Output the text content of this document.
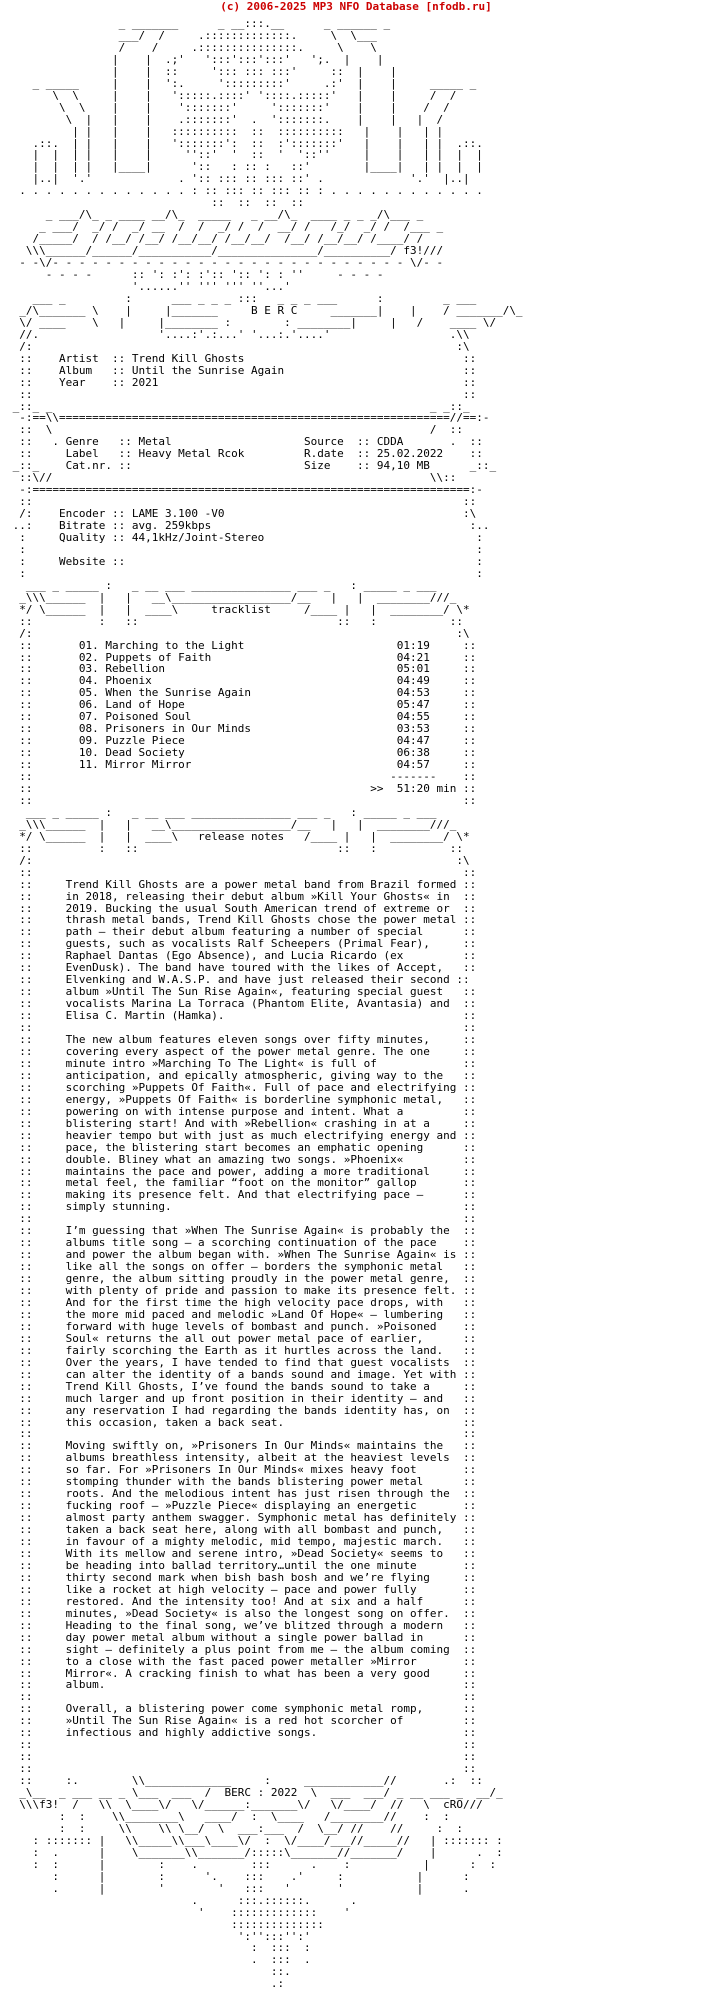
(c) 2006-2025 MP3 NFO Database [nfodb.ru]
_ _______      _ __:::.__      _ ______ _
___/  /     .:::::::::::::.     \  \___
/    /     .:::::::::::::::.     \    \
|    |  .;'   ':::':::':::'   ';.  |    |
|    |  ::     '::: ::: :::'     ::  |    |
_ _____     |    |  ':.     ':::::::::'     .:'  |    |     _____ _
\  \     |    |   ':::::.::::' '::::.:::::'   |    |     /  /
\  \    |    |    ':::::::'     ':::::::'    |    |    /  /
\  |   |    |    .:::::::'  .  ':::::::.    |    |   |  /
| |   |    |   ::::::::::  ::  ::::::::::   |    |   | |
.::.  | |   |    |   ':::::::':  ::  :':::::::'   |    |   | |  .::.
|  |  | |   |    |     ''::'  '  ::  '  '::''     |    |   | |  |  |
|  |  | |   |____|      '::   : :: :   ::'        |____|   | |  |  |
|..|  '.'             . ':: ::: :: ::: ::' .             '.'  |..|
. . . . . . . . . . . . . : :: ::: :: ::: :: : . . . . . . . . . . . .
::  ::  ::  ::
_ ___/\_ _ ____ __/\_  _____   _ __/\_  ____ _ _ _/\___ _
_ ___/  _/ /  _/ __  /  /  _/ /  /  __/ /   /_/  _/ /  /___ _
/_____/  / /__/ /__/ /__/__/ /__/__/  /__/ /__/__/ /____/ /
\\\______/______/___________/_______________/__________/ f3!///
- -\/- - - - - - - - - - - - - - - - - - - - - - - - - - - \/- -
- - - -      :: ': :': :':: ':: ': : ''     - - - -
'......'' ''' ''' ''...'
___ _         :      ___ _ _ _ :::   _ _ _ ___      :         _ ___
_/\_______ \    |     |_______     B E R C     _______|    |    / _______/\_
\/ ____    \   |     |________ :        : ________|     |   /    ____ \/
//.                  '....:'.:...' '...:.'....'                  .\\
/:                                                                :\
::    Artist  :: Trend Kill Ghosts                                 ::
::    Album   :: Until the Sunrise Again                           ::
::    Year    :: 2021                                              ::
::                                                                 ::
_::_ _                                                         _ _::_
-:==\\===========================================================//==:-
::  \                                                         /  ::
::   . Genre   :: Metal                    Source  :: CDDA       .  ::
::     Label   :: Heavy Metal Rcok         R.date  :: 25.02.2022    ::
_::_    Cat.nr. ::                          Size    :: 94,10 MB      _::_
::\//                                                         \\::
-:==================================================================:-
::                                                                 ::
/:    Encoder :: LAME 3.100 -V0                                    :\
..:    Bitrate :: avg. 259kbps                                       :..
:     Quality :: 44,1kHz/Joint-Stereo                                :
:                                                                    :
:     Website ::                                                     :
:                                                                    :
___ _ _____ :   _ __ ___ _______________ ___ _   : _____ _ ___
_\\\______  |   |   __\__________________/__   |   |  ________///_
*/ \______  |   |  ____\     tracklist     /____ |   |  ________/ \*
::          :   ::                              ::   :           ::
/:                                                                :\
::       01. Marching to the Light                       01:19     ::
::       02. Puppets of Faith                            04:21     ::
::       03. Rebellion                                   05:01     ::
::       04. Phoenix                                     04:49     ::
::       05. When the Sunrise Again                      04:53     ::
::       06. Land of Hope                                05:47     ::
::       07. Poisoned Soul                               04:55     ::
::       08. Prisoners in Our Minds                      03:53     ::
::       09. Puzzle Piece                                04:47     ::
::       10. Dead Society                                06:38     ::
::       11. Mirror Mirror                               04:57     ::
::                                                      -------    ::
::                                                   >>  51:20 min ::
::                                                                 ::
___ _ _____ :   _ __ ___ _______________ ___ _   : _____ _ ___
_\\\______  |   |   __\__________________/__   |   |  ________///_
*/ \______  |   |  ____\   release notes   /____ |   |  ________/ \*
::          :   ::                              ::   :           ::
/:                                                                :\
::                                                                 ::
::     Trend Kill Ghosts are a power metal band from Brazil formed ::
::     in 2018, releasing their debut album »Kill Your Ghosts« in  ::
::     2019. Bucking the usual South American trend of extreme or  ::
::     thrash metal bands, Trend Kill Ghosts chose the power metal ::
::     path – their debut album featuring a number of special      ::
::     guests, such as vocalists Ralf Scheepers (Primal Fear),     ::
::     Raphael Dantas (Ego Absence), and Lucia Ricardo (ex         ::
::     EvenDusk). The band have toured with the likes of Accept,   ::
::     Elvenking and W.A.S.P. and have just released their second ::
::     album »Until The Sun Rise Again«, featuring special guest   ::
::     vocalists Marina La Torraca (Phantom Elite, Avantasia) and  ::
::     Elisa C. Martin (Hamka).                                    ::
::                                                                 ::
::     The new album features eleven songs over fifty minutes,     ::
::     covering every aspect of the power metal genre. The one     ::
::     minute intro »Marching To The Light« is full of             ::
::     anticipation, and epically atmospheric, giving way to the   ::
::     scorching »Puppets Of Faith«. Full of pace and electrifying ::
::     energy, »Puppets Of Faith« is borderline symphonic metal,   ::
::     powering on with intense purpose and intent. What a         ::
::     blistering start! And with »Rebellion« crashing in at a     ::
::     heavier tempo but with just as much electrifying energy and ::
::     pace, the blistering start becomes an emphatic opening      ::
::     double. Bliney what an amazing two songs. »Phoenix«         ::
::     maintains the pace and power, adding a more traditional     ::
::     metal feel, the familiar “foot on the monitor” gallop       ::
::     making its presence felt. And that electrifying pace –      ::
::     simply stunning.                                            ::
::                                                                 ::
::     I’m guessing that »When The Sunrise Again« is probably the  ::
::     albums title song – a scorching continuation of the pace    ::
::     and power the album began with. »When The Sunrise Again« is ::
::     like all the songs on offer – borders the symphonic metal   ::
::     genre, the album sitting proudly in the power metal genre,  ::
::     with plenty of pride and passion to make its presence felt. ::
::     And for the first time the high velocity pace drops, with   ::
::     the more mid paced and melodic »Land Of Hope« – lumbering   ::
::     forward with huge levels of bombast and punch. »Poisoned    ::
::     Soul« returns the all out power metal pace of earlier,      ::
::     fairly scorching the Earth as it hurtles across the land.   ::
::     Over the years, I have tended to find that guest vocalists  ::
::     can alter the identity of a bands sound and image. Yet with ::
::     Trend Kill Ghosts, I’ve found the bands sound to take a     ::
::     much larger and up front position in their identity – and   ::
::     any reservation I had regarding the bands identity has, on  ::
::     this occasion, taken a back seat.                           ::
::                                                                 ::
::     Moving swiftly on, »Prisoners In Our Minds« maintains the   ::
::     albums breathless intensity, albeit at the heaviest levels  ::
::     so far. For »Prisoners In Our Minds« mixes heavy foot       ::
::     stomping thunder with the bands blistering power metal      ::
::     roots. And the melodious intent has just risen through the  ::
::     fucking roof – »Puzzle Piece« displaying an energetic       ::
::     almost party anthem swagger. Symphonic metal has definitely ::
::     taken a back seat here, along with all bombast and punch,   ::
::     in favour of a mighty melodic, mid tempo, majestic march.   ::
::     With its mellow and serene intro, »Dead Society« seems to   ::
::     be heading into ballad territory…until the one minute       ::
::     thirty second mark when bish bash bosh and we’re flying     ::
::     like a rocket at high velocity – pace and power fully       ::
::     restored. And the intensity too! And at six and a half      ::
::     minutes, »Dead Society« is also the longest song on offer.  ::
::     Heading to the final song, we’ve blitzed through a modern   ::
::     day power metal album without a single power ballad in      ::
::     sight – definitely a plus point from me – the album coming  ::
::     to a close with the fast paced power metaller »Mirror       ::
::     Mirror«. A cracking finish to what has been a very good     ::
::     album.                                                      ::
::                                                                 ::
::     Overall, a blistering power come symphonic metal romp,      ::
::     »Until The Sun Rise Again« is a red hot scorcher of         ::
::     infectious and highly addictive songs.                      ::
::                                                                 ::
::                                                                 ::
::                                                                 ::
::     :.        \\_____________     :     ____________//       .:  ::
_\__  _ ___ __ _ \___  ___  /  BERC : 2022  \  ___  ___/ _ __ ___ _  __/_
\\\f3!  /   \\  \____\/   \/______:_______\/   \/____/  //   \  cRO///
:  :    \\________\   ____/  :  \____   /________//    :  :
:  :     \\    \\ \__/  \  ___:___  /  \__/ //    //     :  :
: ::::::: |   \\_____\\___\____\/  :  \/____/___//_____//   | ::::::: :
:  .      |    \_______\\_______/:::::\_______//_______/    |      .  :
:  :      |        :    .        :::      .    :           |      :  :
:      |        :      '.    :::    .'     :           |      :
.      |        '        '   :::   '       '           |      .
.      :::.::::::.      .
'    :::::::::::::    '
::::::::::::::
':'':::'':'
:  :::  :
.  :::  .
::.
.:
